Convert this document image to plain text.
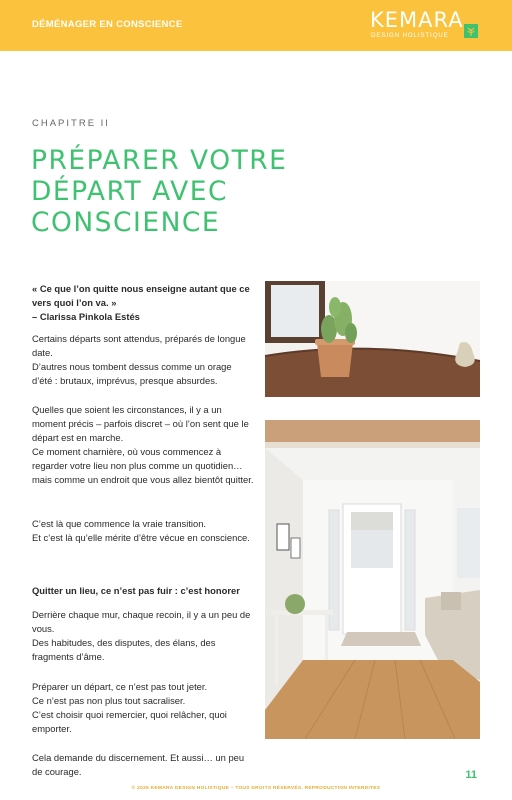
DÉMÉNAGER EN CONSCIENCE	KEMARA
DESIGN HOLISTIQUE
CHAPITRE II
PRÉPARER VOTRE
DÉPART AVEC
CONSCIENCE

« Ce que l’on quitte nous enseigne autant que ce vers quoi l’on va. »

– Clarissa Pinkola Estés

Certains départs sont attendus, préparés de longue date.

D’autres nous tombent dessus comme un orage d’été : brutaux, imprévus, presque absurdes.

Quelles que soient les circonstances, il y a un moment précis – parfois discret – où l’on sent que le départ est en marche.

Ce moment charnière, où vous commencez à regarder votre lieu non plus comme un quotidien… mais comme un endroit que vous allez bientôt quitter.

C’est là que commence la vraie transition.

Et c’est là qu’elle mérite d’être vécue en conscience.

Quitter un lieu, ce n’est pas fuir : c’est honorer

Derrière chaque mur, chaque recoin, il y a un peu de vous.

Des habitudes, des disputes, des élans, des fragments d’âme.

Préparer un départ, ce n’est pas tout jeter.

Ce n’est pas non plus tout sacraliser.

C’est choisir quoi remercier, quoi relâcher, quoi emporter.

Cela demande du discernement. Et aussi… un peu de courage.	11
© 2025 KEMARA DESIGN HOLISTIQUE – TOUS DROITS RÉSERVÉS. REPRODUCTION INTERDITES
